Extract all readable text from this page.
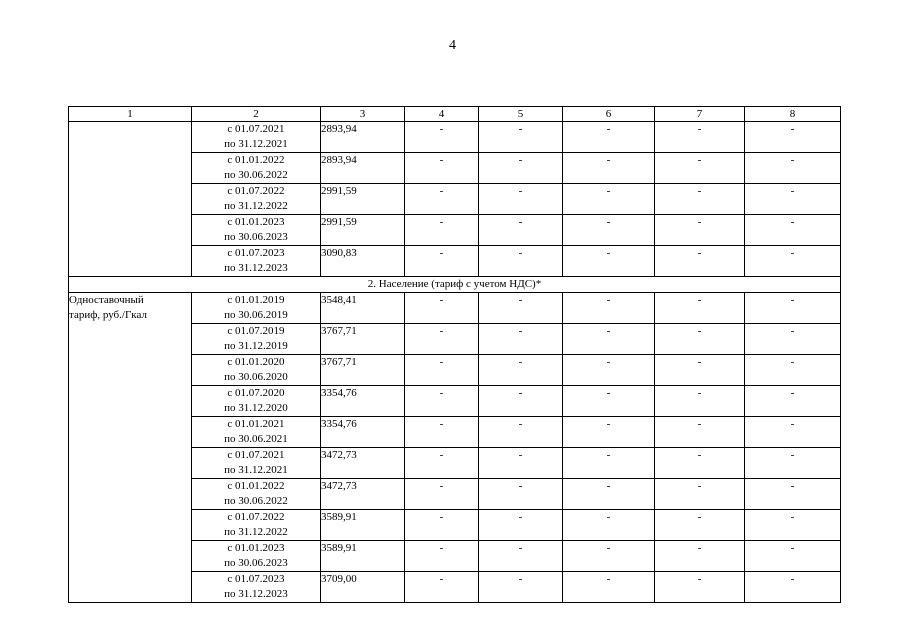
4
1	2	3	4	5	6	7	8

	с 01.07.2021
по 31.12.2021	2893,94	-	-	-	-	-

	с 01.01.2022
по 30.06.2022	2893,94	-	-	-	-	-

	с 01.07.2022
по 31.12.2022	2991,59	-	-	-	-	-

	с 01.01.2023
по 30.06.2023	2991,59	-	-	-	-	-

	с 01.07.2023
по 31.12.2023	3090,83	-	-	-	-	-
2. Население (тариф с учетом НДС)*							

Одноставочный
тариф, руб./Гкал	с 01.01.2019
по 30.06.2019	3548,41	-	-	-	-	-

	с 01.07.2019
по 31.12.2019	3767,71	-	-	-	-	-

	с 01.01.2020
по 30.06.2020	3767,71	-	-	-	-	-

	с 01.07.2020
по 31.12.2020	3354,76	-	-	-	-	-

	с 01.01.2021
по 30.06.2021	3354,76	-	-	-	-	-

	с 01.07.2021
по 31.12.2021	3472,73	-	-	-	-	-

	с 01.01.2022
по 30.06.2022	3472,73	-	-	-	-	-

	с 01.07.2022
по 31.12.2022	3589,91	-	-	-	-	-

	с 01.01.2023
по 30.06.2023	3589,91	-	-	-	-	-

	с 01.07.2023
по 31.12.2023	3709,00	-	-	-	-	-
